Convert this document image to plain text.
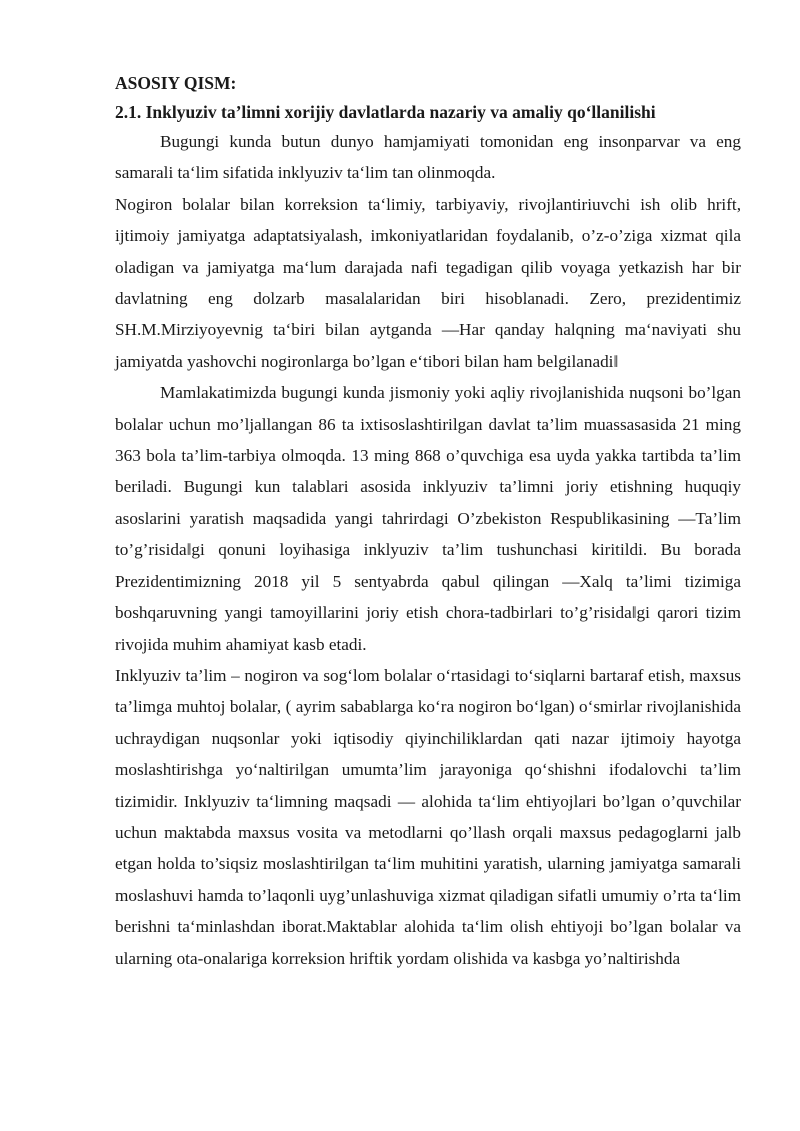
ASOSIY QISM:
2.1. Inklyuziv ta’limni xorijiy davlatlarda nazariy va amaliy qo‘llanilishi

Bugungi kunda butun dunyo hamjamiyati tomonidan eng insonparvar va eng samarali ta‘lim sifatida inklyuziv ta‘lim tan olinmoqda.

Nogiron bolalar bilan korreksion ta‘limiy, tarbiyaviy, rivojlantiriuvchi ish olib hrift, ijtimoiy jamiyatga adaptatsiyalash, imkoniyatlaridan foydalanib, o’z-o’ziga xizmat qila oladigan va jamiyatga ma‘lum darajada nafi tegadigan qilib voyaga yetkazish har bir davlatning eng dolzarb masalalaridan biri hisoblanadi. Zero, prezidentimiz SH.M.Mirziyoyevnig ta‘biri bilan aytganda ―Har qanday halqning ma‘naviyati shu jamiyatda yashovchi nogironlarga bo’lgan e‘tibori bilan ham belgilanadi‖

Mamlakatimizda bugungi kunda jismoniy yoki aqliy rivojlanishida nuqsoni bo’lgan bolalar uchun mo’ljallangan 86 ta ixtisoslashtirilgan davlat ta’lim muassasasida 21 ming 363 bola ta’lim-tarbiya olmoqda. 13 ming 868 o’quvchiga esa uyda yakka tartibda ta’lim beriladi. Bugungi kun talablari asosida inklyuziv ta’limni joriy etishning huquqiy asoslarini yaratish maqsadida yangi tahrirdagi O’zbekiston Respublikasining ―Ta’lim to’g’risida‖gi qonuni loyihasiga inklyuziv ta’lim tushunchasi kiritildi. Bu borada Prezidentimizning 2018 yil 5 sentyabrda qabul qilingan ―Xalq ta’limi tizimiga boshqaruvning yangi tamoyillarini joriy etish chora-tadbirlari to’g’risida‖gi qarori tizim rivojida muhim ahamiyat kasb etadi.

Inklyuziv ta’lim – nogiron va sog‘lom bolalar o‘rtasidagi to‘siqlarni bartaraf etish, maxsus ta’limga muhtoj bolalar, ( ayrim sabablarga ko‘ra nogiron bo‘lgan) o‘smirlar rivojlanishida uchraydigan nuqsonlar yoki iqtisodiy qiyinchiliklardan qati nazar ijtimoiy hayotga moslashtirishga yo‘naltirilgan umumta’lim jarayoniga qo‘shishni ifodalovchi ta’lim tizimidir. Inklyuziv ta‘limning maqsadi — alohida ta‘lim ehtiyojlari bo’lgan o’quvchilar uchun maktabda maxsus vosita va metodlarni qo’llash orqali maxsus pedagoglarni jalb etgan holda to’siqsiz moslashtirilgan ta‘lim muhitini yaratish, ularning jamiyatga samarali moslashuvi hamda to’laqonli uyg’unlashuviga xizmat qiladigan sifatli umumiy o’rta ta‘lim berishni ta‘minlashdan iborat.Maktablar alohida ta‘lim olish ehtiyoji bo’lgan bolalar va ularning ota-onalariga korreksion hriftik yordam olishida va kasbga yo’naltirishda
